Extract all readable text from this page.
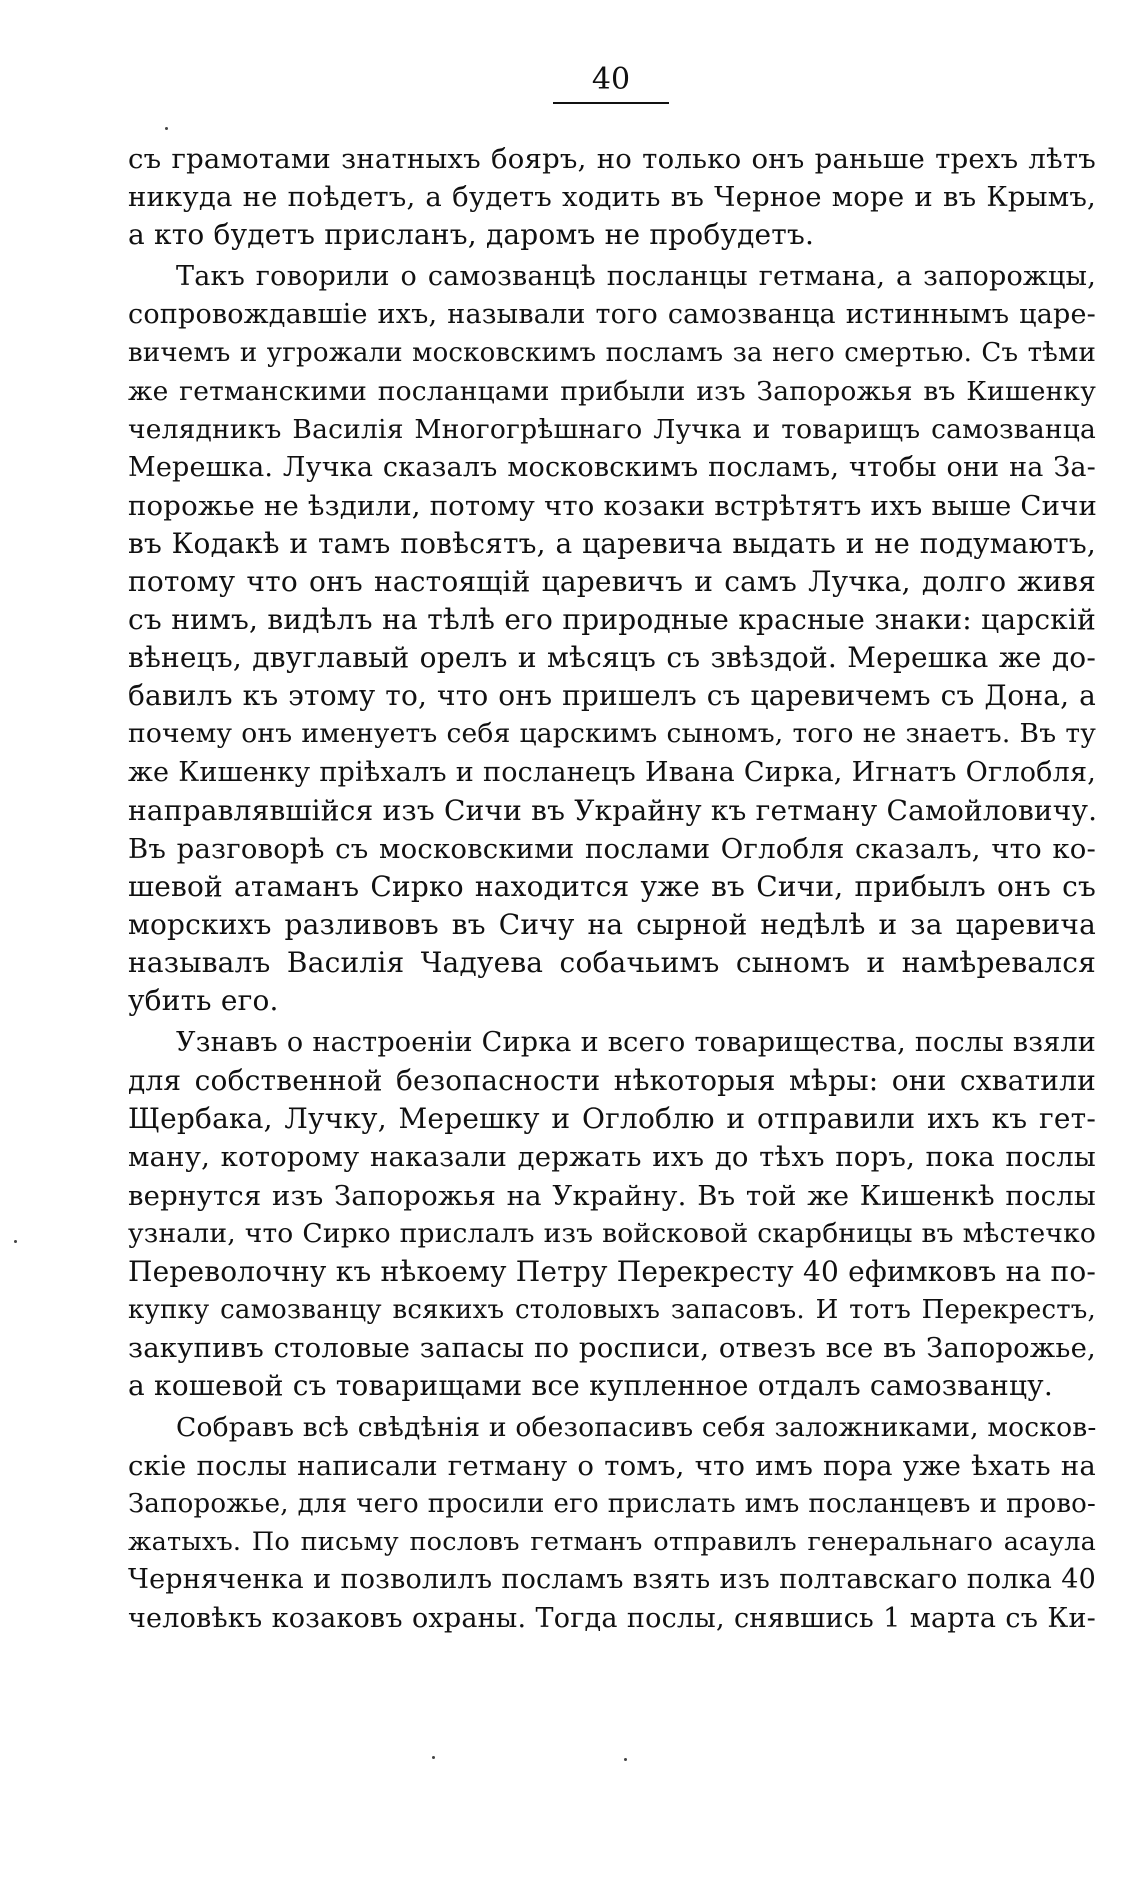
40
съ грамотами знатныхъ бояръ, но только онъ раньше трехъ лѣтъ
никуда не поѣдетъ, а будетъ ходить въ Черное море и въ Крымъ,
а кто будетъ присланъ, даромъ не пробудетъ.
Такъ говорили о самозванцѣ посланцы гетмана, а запорожцы,
сопровождавшіе ихъ, называли того самозванца истиннымъ царе-
вичемъ и угрожали московскимъ посламъ за него смертью. Съ тѣми
же гетманскими посланцами прибыли изъ Запорожья въ Кишенку
челядникъ Василія Многогрѣшнаго Лучка и товарищъ самозванца
Мерешка. Лучка сказалъ московскимъ посламъ, чтобы они на За-
порожье не ѣздили, потому что козаки встрѣтятъ ихъ выше Сичи
въ Кодакѣ и тамъ повѣсятъ, а царевича выдать и не подумаютъ,
потому что онъ настоящій царевичъ и самъ Лучка, долго живя
съ нимъ, видѣлъ на тѣлѣ его природные красные знаки: царскій
вѣнецъ, двуглавый орелъ и мѣсяцъ съ звѣздой. Мерешка же до-
бавилъ къ этому то, что онъ пришелъ съ царевичемъ съ Дона, а
почему онъ именуетъ себя царскимъ сыномъ, того не знаетъ. Въ ту
же Кишенку пріѣхалъ и посланецъ Ивана Сирка, Игнатъ Оглобля,
направлявшійся изъ Сичи въ Украйну къ гетману Самойловичу.
Въ разговорѣ съ московскими послами Оглобля сказалъ, что ко-
шевой атаманъ Сирко находится уже въ Сичи, прибылъ онъ съ
морскихъ разливовъ въ Сичу на сырной недѣлѣ и за царевича
называлъ Василія Чадуева собачьимъ сыномъ и намѣревался
убить его.
Узнавъ о настроеніи Сирка и всего товарищества, послы взяли
для собственной безопасности нѣкоторыя мѣры: они схватили
Щербака, Лучку, Мерешку и Оглоблю и отправили ихъ къ гет-
ману, которому наказали держать ихъ до тѣхъ поръ, пока послы
вернутся изъ Запорожья на Украйну. Въ той же Кишенкѣ послы
узнали, что Сирко прислалъ изъ войсковой скарбницы въ мѣстечко
Переволочну къ нѣкоему Петру Перекресту 40 ефимковъ на по-
купку самозванцу всякихъ столовыхъ запасовъ. И тотъ Перекрестъ,
закупивъ столовые запасы по росписи, отвезъ все въ Запорожье,
а кошевой съ товарищами все купленное отдалъ самозванцу.
Собравъ всѣ свѣдѣнія и обезопасивъ себя заложниками, москов-
скіе послы написали гетману о томъ, что имъ пора уже ѣхать на
Запорожье, для чего просили его прислать имъ посланцевъ и прово-
жатыхъ. По письму пословъ гетманъ отправилъ генеральнаго асаула
Черняченка и позволилъ посламъ взять изъ полтавскаго полка 40
человѣкъ козаковъ охраны. Тогда послы, снявшись 1 марта съ Ки-
